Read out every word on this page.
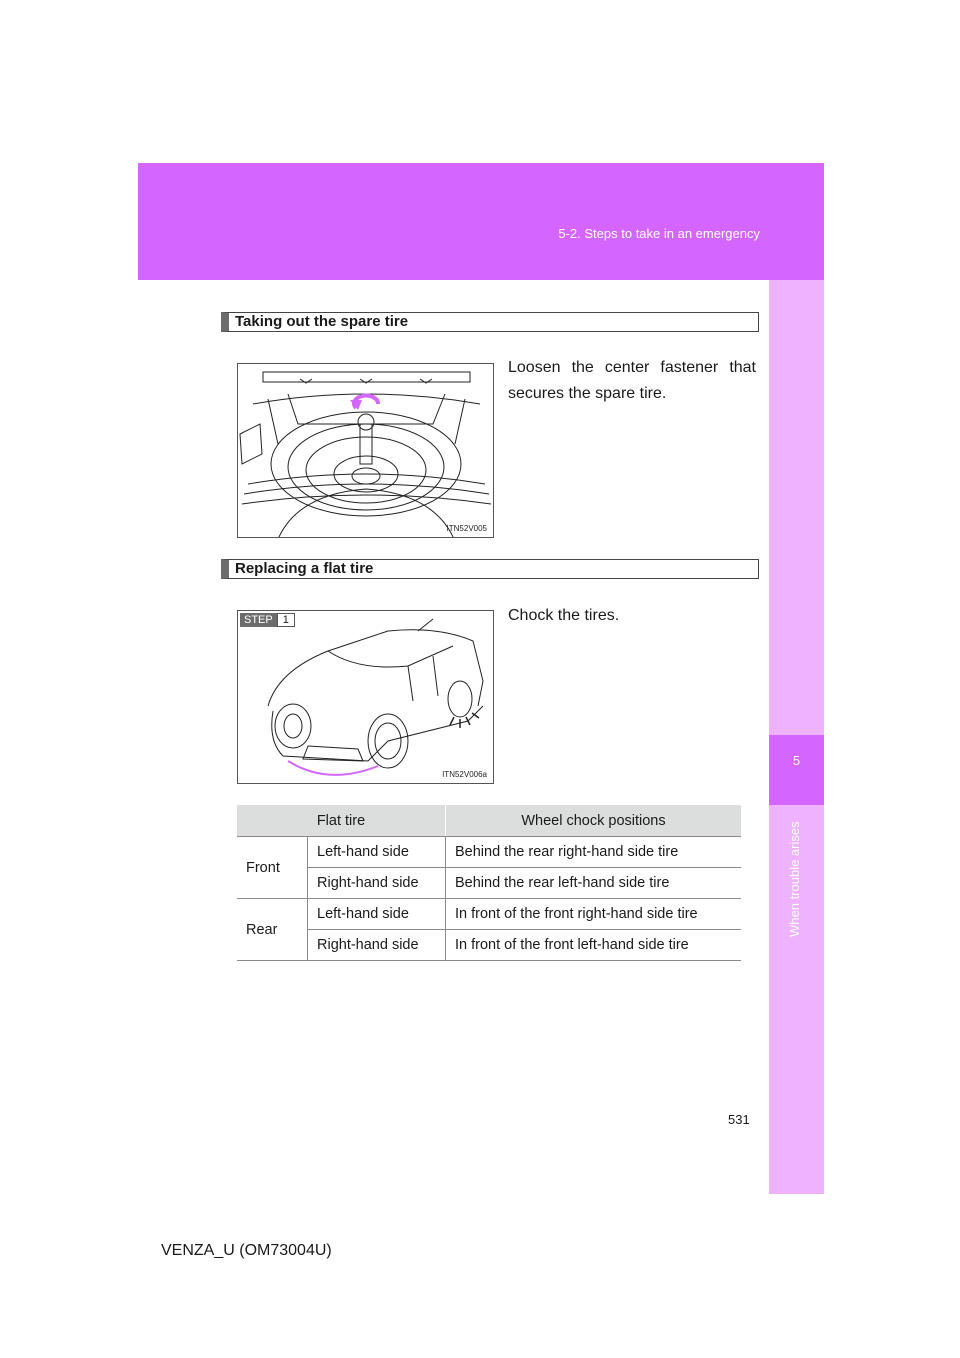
5-2. Steps to take in an emergency
5
When trouble arises
Taking out the spare tire
ITN52V005
Loosen the center fastener that secures the spare tire.
Replacing a flat tire
STEP 1
ITN52V006a
Chock the tires.
Flat tire		Wheel chock positions
Front	Left-hand side	Behind the rear right-hand side tire
	Right-hand side	Behind the rear left-hand side tire
Rear	Left-hand side	In front of the front right-hand side tire
	Right-hand side	In front of the front left-hand side tire
531
VENZA_U (OM73004U)
